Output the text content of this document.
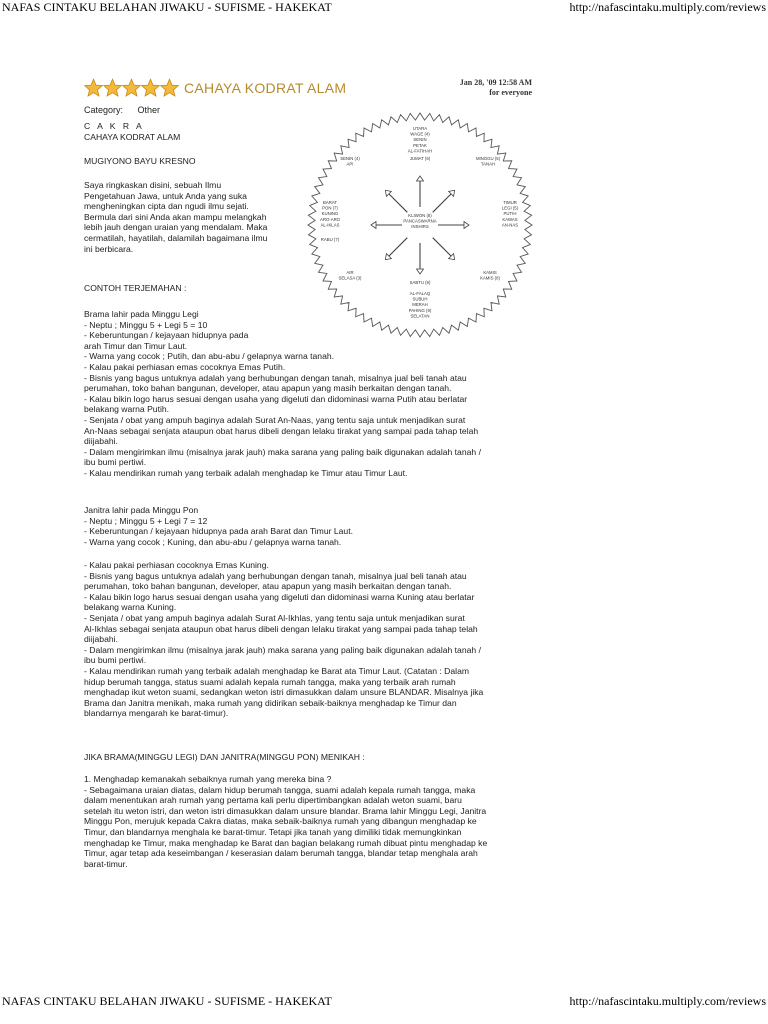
NAFAS CINTAKU BELAHAN JIWAKU - SUFISME - HAKEKAT	http://nafascintaku.multiply.com/reviews
CAHAYA KODRAT ALAM	Jan 28, '09 12:58 AM
for everyone
Category: Other
C A K R A
CAHAYA KODRAT ALAM
MUGIYONO BAYU KRESNO
Saya ringkaskan disini, sebuah Ilmu
Pengetahuan Jawa, untuk Anda yang suka
mengheningkan cipta dan ngudi ilmu sejati.
Bermula dari sini Anda akan mampu melangkah
lebih jauh dengan uraian yang mendalam. Maka
cermatilah, hayatilah, dalamilah bagaimana ilmu
ini berbicara.
CONTOH TERJEMAHAN :
Brama lahir pada Minggu Legi
- Neptu ; Minggu 5 + Legi 5 = 10
- Keberuntungan / kejayaan hidupnya pada
arah Timur dan Timur Laut.
- Warna yang cocok ; Putih, dan abu-abu / gelapnya warna tanah.
- Kalau pakai perhiasan emas cocoknya Emas Putih.
- Bisnis yang bagus untuknya adalah yang berhubungan dengan tanah, misalnya jual beli tanah atau
perumahan, toko bahan bangunan, developer, atau apapun yang masih berkaitan dengan tanah.
- Kalau bikin logo harus sesuai dengan usaha yang digeluti dan didominasi warna Putih atau berlatar
belakang warna Putih.
- Senjata / obat yang ampuh baginya adalah Surat An-Naas, yang tentu saja untuk menjadikan surat
An-Naas sebagai senjata ataupun obat harus dibeli dengan lelaku tirakat yang sampai pada tahap telah
diijabahi.
- Dalam mengirimkan ilmu (misalnya jarak jauh) maka sarana yang paling baik digunakan adalah tanah /
ibu bumi pertiwi.
- Kalau mendirikan rumah yang terbaik adalah menghadap ke Timur atau Timur Laut.
Janitra lahir pada Minggu Pon
- Neptu ; Minggu 5 + Legi 7 = 12
- Keberuntungan / kejayaan hidupnya pada arah Barat dan Timur Laut.
- Warna yang cocok ; Kuning, dan abu-abu / gelapnya warna tanah.
- Kalau pakai perhiasan cocoknya Emas Kuning.
- Bisnis yang bagus untuknya adalah yang berhubungan dengan tanah, misalnya jual beli tanah atau
perumahan, toko bahan bangunan, developer, atau apapun yang masih berkaitan dengan tanah.
- Kalau bikin logo harus sesuai dengan usaha yang digeluti dan didominasi warna Kuning atau berlatar
belakang warna Kuning.
- Senjata / obat yang ampuh baginya adalah Surat Al-Ikhlas, yang tentu saja untuk menjadikan surat
Al-Ikhlas sebagai senjata ataupun obat harus dibeli dengan lelaku tirakat yang sampai pada tahap telah
diijabahi.
- Dalam mengirimkan ilmu (misalnya jarak jauh) maka sarana yang paling baik digunakan adalah tanah /
ibu bumi pertiwi.
- Kalau mendirikan rumah yang terbaik adalah menghadap ke Barat ata Timur Laut. (Catatan : Dalam
hidup berumah tangga, status suami adalah kepala rumah tangga, maka yang terbaik arah rumah
menghadap ikut weton suami, sedangkan weton istri dimasukkan dalam unsure BLANDAR. Misalnya jika
Brama dan Janitra menikah, maka rumah yang didirikan sebaik-baiknya menghadap ke Timur dan
blandarnya mengarah ke barat-timur).
JIKA BRAMA(MINGGU LEGI) DAN JANITRA(MINGGU PON) MENIKAH :
1. Menghadap kemanakah sebaiknya rumah yang mereka bina ?
- Sebagaimana uraian diatas, dalam hidup berumah tangga, suami adalah kepala rumah tangga, maka
dalam menentukan arah rumah yang pertama kali perlu dipertimbangkan adalah weton suami, baru
setelah itu weton istri, dan weton istri dimasukkan dalam unsure blandar. Brama lahir Minggu Legi, Janitra
Minggu Pon, merujuk kepada Cakra diatas, maka sebaik-baiknya rumah yang dibangun menghadap ke
Timur, dan blandarnya menghala ke barat-timur. Tetapi jika tanah yang dimiliki tidak memungkinkan
menghadap ke Timur, maka menghadap ke Barat dan bagian belakang rumah dibuat pintu menghadap ke
Timur, agar tetap ada keseimbangan / keserasian dalam berumah tangga, blandar tetap menghala arah
barat-timur.
UTARA
WAGE (4)
SENIN
PETAK
AL-FATIHAH
SENIN (4)
API
JUMAT (6)	MINGGU (5)
TANAH
BARAT
PON (7)
KUNING
ARO-ARO
AL-IKLAS
RABU (7)
KLIWON (8)
PANCASWARNA
INSHIRS
TIMUR
LEGI (5)
PUTIH
KAWAS
AN-NAS
AIR
SELASA (3)
SABTU (9)
KAMIS
KAMIS (8)
AL-FALAQ
SUBUH
MERAH
PAHING (9)
SELATAN
NAFAS CINTAKU BELAHAN JIWAKU - SUFISME - HAKEKAT	http://nafascintaku.multiply.com/reviews
